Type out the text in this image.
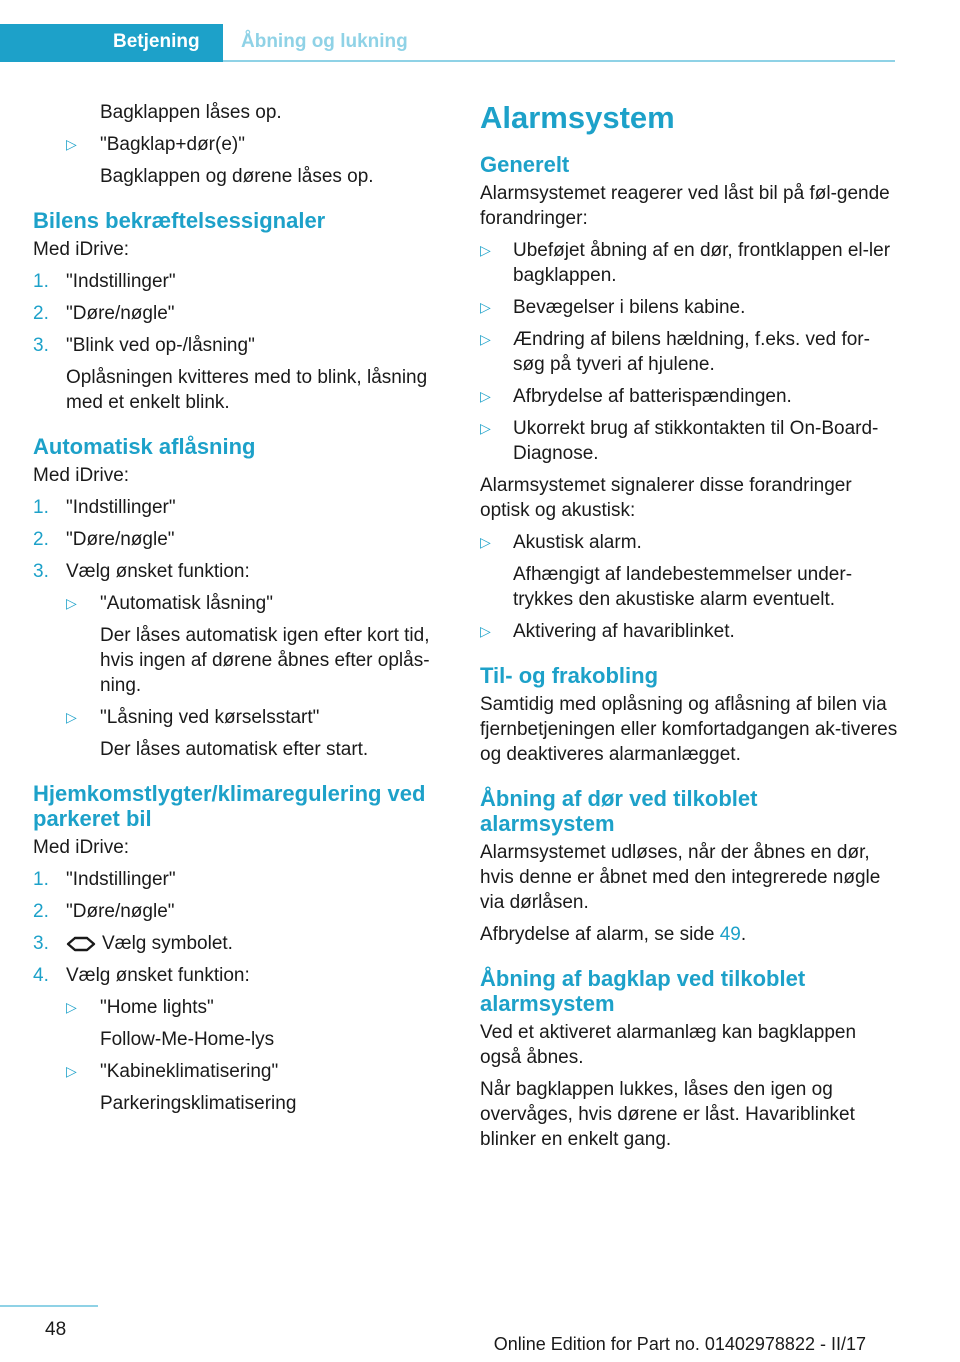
Betjening Åbning og lukning

Bagklappen låses op.

▷ "Bagklap+dør(e)"
Bagklappen og dørene låses op.
Bilens bekræftelsessignaler

Med iDrive:

1. "Indstillinger"
2. "Døre/nøgle"
3. "Blink ved op-/låsning"
Oplåsningen kvitteres med to blink, låsning med et enkelt blink.
Automatisk aflåsning

Med iDrive:

1. "Indstillinger"
2. "Døre/nøgle"
3. Vælg ønsket funktion:
▷ "Automatisk låsning"
Der låses automatisk igen efter kort tid, hvis ingen af dørene åbnes efter oplås-ning.
▷ "Låsning ved kørselsstart"
Der låses automatisk efter start.
Hjemkomstlygter/klimaregulering ved parkeret bil

Med iDrive:

1. "Indstillinger"
2. "Døre/nøgle"
3.	Vælg symbolet.
4. Vælg ønsket funktion:
▷ "Home lights"
Follow-Me-Home-lys
▷ "Kabineklimatisering"
Parkeringsklimatisering
Alarmsystem
Generelt

Alarmsystemet reagerer ved låst bil på føl-gende forandringer:

▷ Ubeføjet åbning af en dør, frontklappen el-ler bagklappen.
▷ Bevægelser i bilens kabine.
▷ Ændring af bilens hældning, f.eks. ved for-søg på tyveri af hjulene.
▷ Afbrydelse af batterispændingen.
▷ Ukorrekt brug af stikkontakten til On-Board-Diagnose.

Alarmsystemet signalerer disse forandringer optisk og akustisk:

▷ Akustisk alarm.
Afhængigt af landebestemmelser under-trykkes den akustiske alarm eventuelt.
▷ Aktivering af havariblinket.
Til- og frakobling

Samtidig med oplåsning og aflåsning af bilen via fjernbetjeningen eller komfortadgangen ak-tiveres og deaktiveres alarmanlægget.

Åbning af dør ved tilkoblet alarmsystem

Alarmsystemet udløses, når der åbnes en dør, hvis denne er åbnet med den integrerede nøgle via dørlåsen.

Afbrydelse af alarm, se side 49.

Åbning af bagklap ved tilkoblet alarmsystem

Ved et aktiveret alarmanlæg kan bagklappen også åbnes.

Når bagklappen lukkes, låses den igen og overvåges, hvis dørene er låst. Havariblinket blinker en enkelt gang.

48
Online Edition for Part no. 01402978822 - II/17
